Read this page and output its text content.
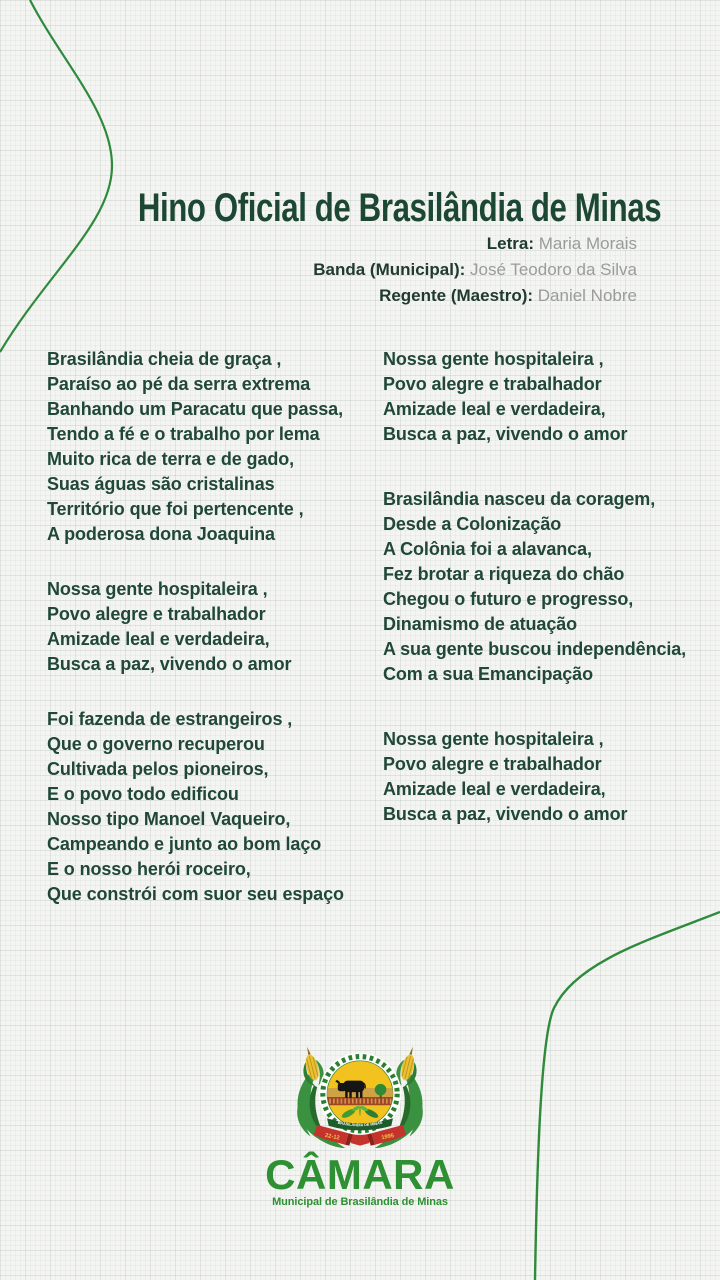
Hino Oficial de Brasilândia de Minas
Letra: Maria Morais
Banda (Municipal): José Teodoro da Silva
Regente (Maestro): Daniel Nobre
Brasilândia cheia de graça ,
Paraíso ao pé da serra extrema
Banhando um Paracatu que passa,
Tendo a fé e o trabalho por lema
Muito rica de terra e de gado,
Suas águas são cristalinas
Território que foi pertencente ,
A poderosa dona Joaquina
Nossa gente hospitaleira ,
Povo alegre e trabalhador
Amizade leal e verdadeira,
Busca a paz, vivendo o amor
Foi fazenda de estrangeiros ,
Que o governo recuperou
Cultivada pelos pioneiros,
E o povo todo edificou
Nosso tipo Manoel Vaqueiro,
Campeando e junto ao bom laço
E o nosso herói roceiro,
Que constrói com suor seu espaço
Nossa gente hospitaleira ,
Povo alegre e trabalhador
Amizade leal e verdadeira,
Busca a paz, vivendo o amor
Brasilândia nasceu da coragem,
Desde a Colonização
A Colônia foi a alavanca,
Fez brotar a riqueza do chão
Chegou o futuro e progresso,
Dinamismo de atuação
A sua gente buscou independência,
Com a sua Emancipação
Nossa gente hospitaleira ,
Povo alegre e trabalhador
Amizade leal e verdadeira,
Busca a paz, vivendo o amor
22-12	1995
BRASILÂNDIA DE MINAS
CÂMARA
Municipal de Brasilândia de Minas
